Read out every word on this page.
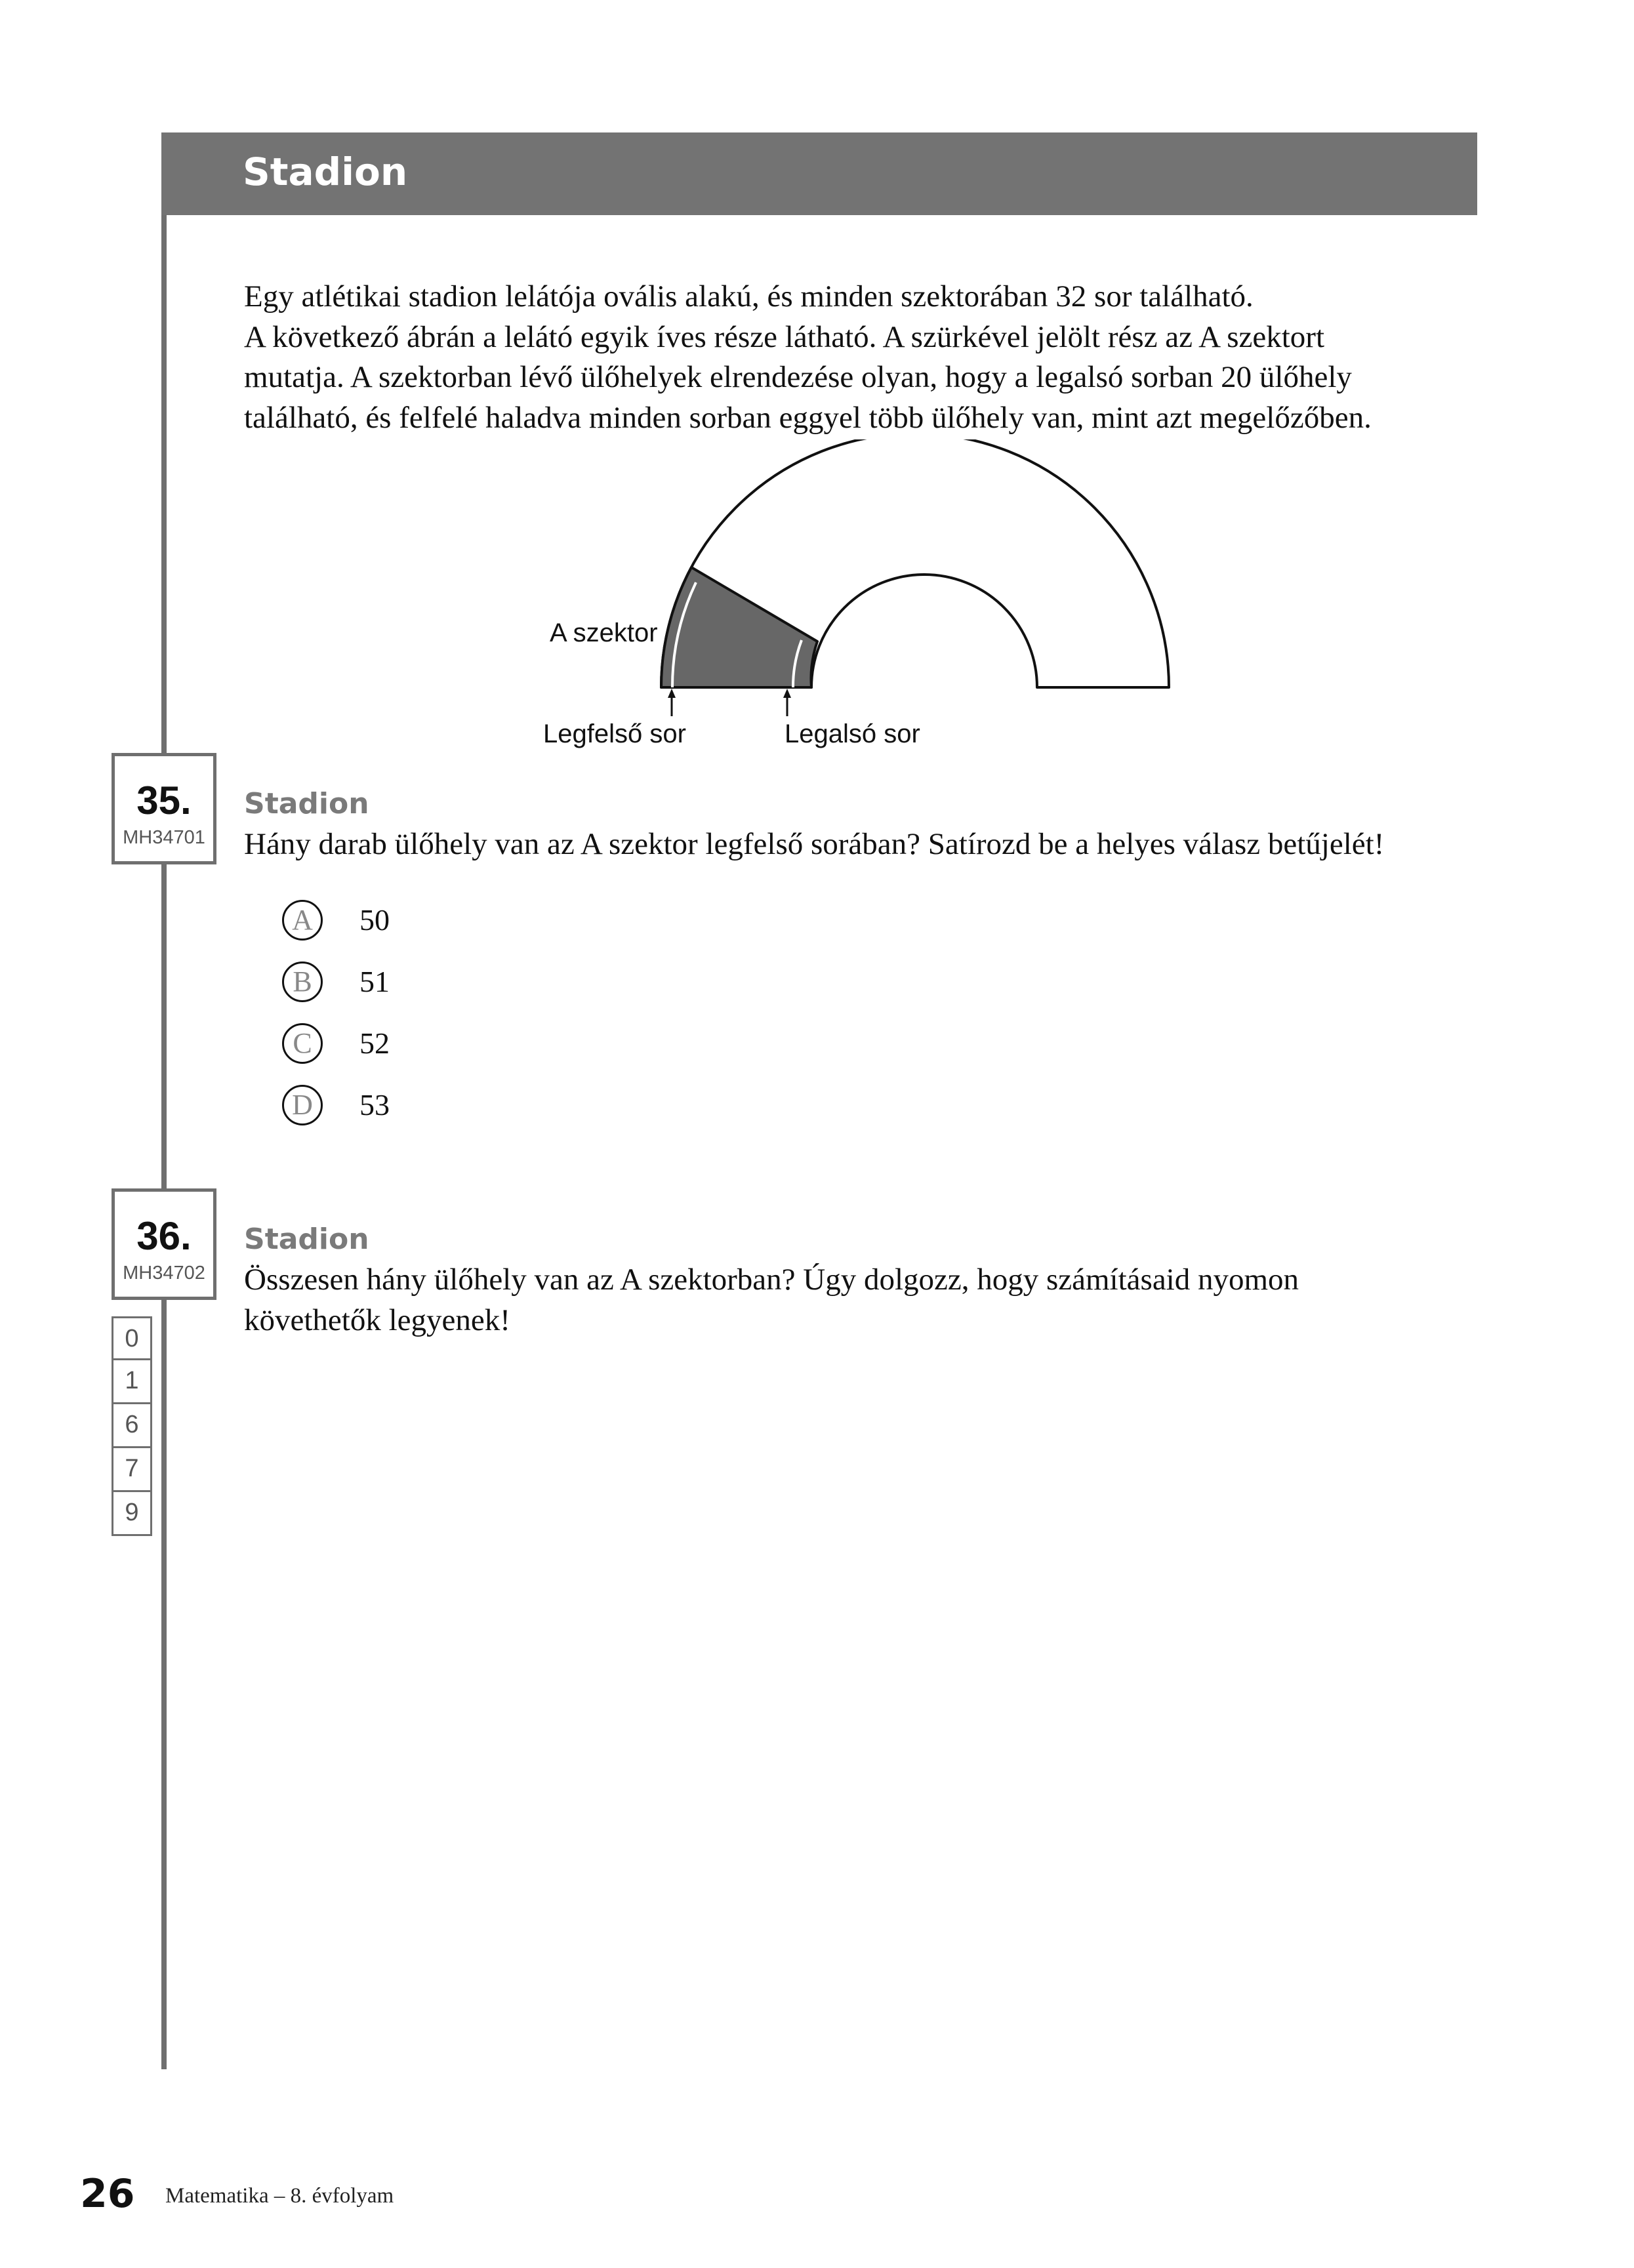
Stadion

Egy atlétikai stadion lelátója ovális alakú, és minden szektorában 32 sor található.

A következő ábrán a lelátó egyik íves része látható. A szürkével jelölt rész az A szektort

mutatja. A szektorban lévő ülőhelyek elrendezése olyan, hogy a legalsó sorban 20 ülőhely

található, és felfelé haladva minden sorban eggyel több ülőhely van, mint azt megelőzőben.

A szektor
Legfelső sor	Legalsó sor
35.
MH34701

Stadion

Hány darab ülőhely van az A szektor legfelső sorában? Satírozd be a helyes válasz betűjelét!

A	50
B	51
C	52
D	53
36.
MH34702

Stadion

Összesen hány ülőhely van az A szektorban? Úgy dolgozz, hogy számításaid nyomon
követhetők legyenek!
0
1
6
7
9

26 Matematika – 8. évfolyam
